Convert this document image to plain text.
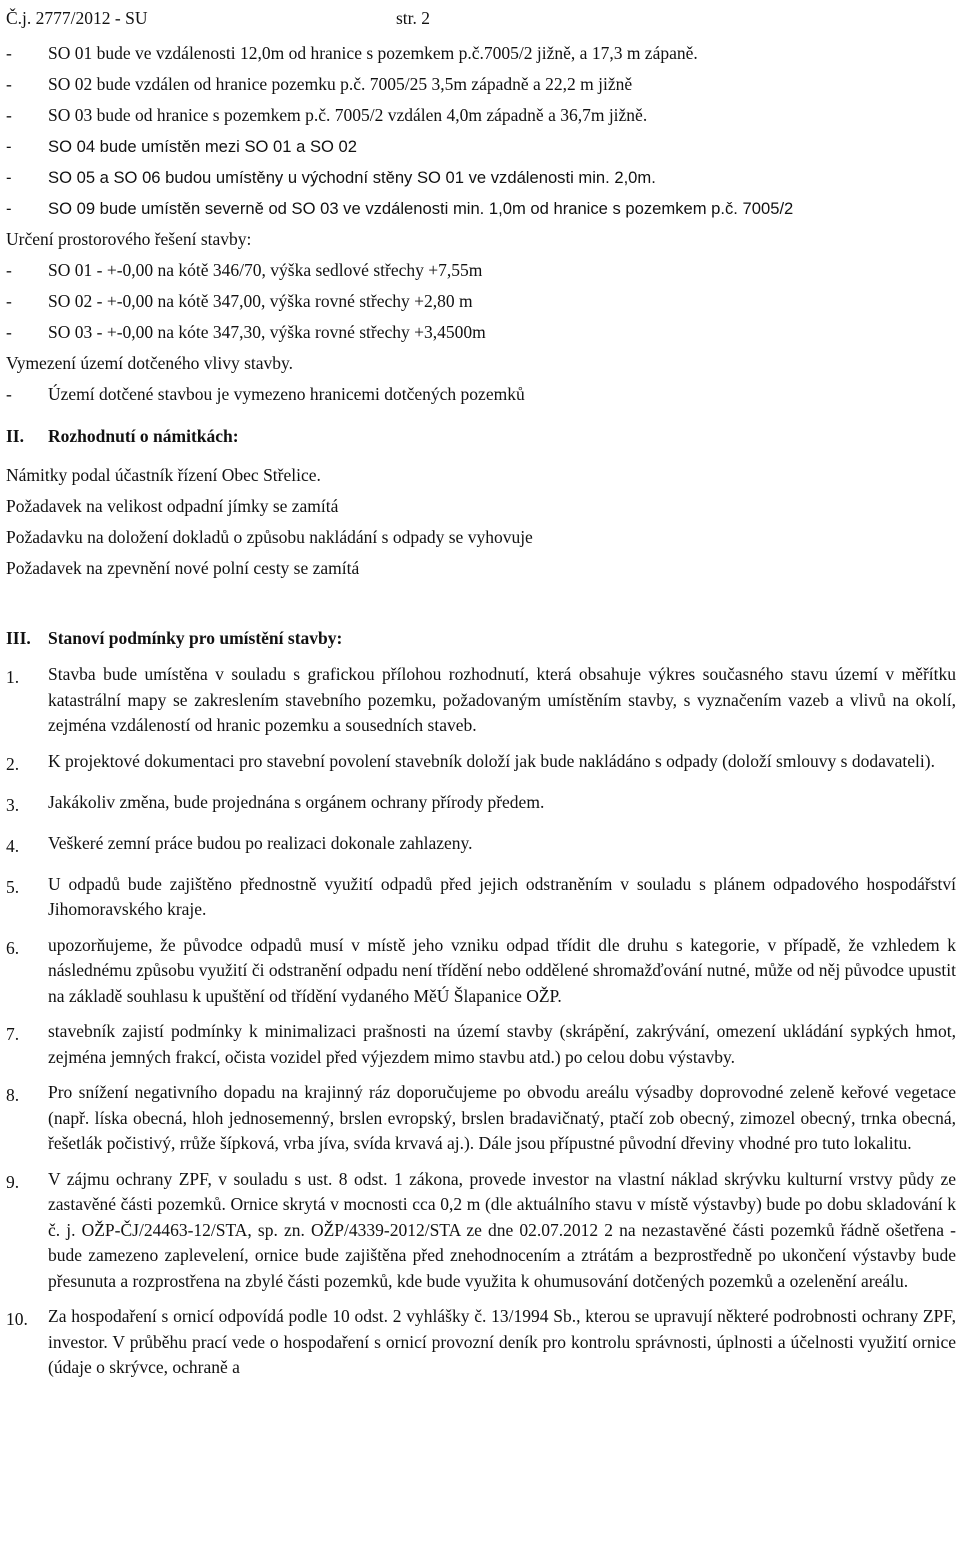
Č.j. 2777/2012 - SU	str. 2
-	SO 01 bude ve vzdálenosti 12,0m od hranice s pozemkem p.č.7005/2 jižně, a 17,3 m zápaně.
-	SO 02 bude vzdálen od hranice pozemku p.č. 7005/25 3,5m západně a 22,2 m jižně
-	SO 03 bude od hranice s pozemkem p.č. 7005/2 vzdálen 4,0m západně a 36,7m jižně.
-	SO 04 bude umístěn mezi SO 01 a SO 02
-	SO 05 a SO 06 budou umístěny u východní stěny SO 01 ve vzdálenosti min. 2,0m.
-	SO 09 bude umístěn severně od SO 03 ve vzdálenosti min. 1,0m od hranice s pozemkem p.č. 7005/2
Určení prostorového řešení stavby:
-	SO 01 - +-0,00 na kótě 346/70, výška sedlové střechy +7,55m
-	SO 02 - +-0,00 na kótě 347,00, výška rovné střechy +2,80 m
-	SO 03 - +-0,00 na kóte 347,30, výška rovné střechy +3,4500m
Vymezení území dotčeného vlivy stavby.
-	Území dotčené stavbou je vymezeno hranicemi dotčených pozemků
II.	Rozhodnutí o námitkách:
Námitky podal účastník řízení Obec Střelice.
Požadavek na velikost odpadní jímky se zamítá
Požadavku na doložení dokladů o způsobu nakládání s odpady se vyhovuje
Požadavek na zpevnění nové polní cesty se zamítá
III. Stanoví podmínky pro umístění stavby:
1.	Stavba bude umístěna v souladu s grafickou přílohou rozhodnutí, která obsahuje výkres současného stavu území v měřítku katastrální mapy se zakreslením stavebního pozemku, požadovaným umístěním stavby, s vyznačením vazeb a vlivů na okolí, zejména vzdáleností od hranic pozemku a sousedních staveb.
2.	K projektové dokumentaci pro stavební povolení stavebník doloží jak bude nakládáno s odpady (doloží smlouvy s dodavateli).
3.	Jakákoliv změna, bude projednána s orgánem ochrany přírody předem.
4.	Veškeré zemní práce budou po realizaci dokonale zahlazeny.
5.	U odpadů bude zajištěno přednostně využití odpadů před jejich odstraněním v souladu s plánem odpadového hospodářství Jihomoravského kraje.
6.	upozorňujeme, že původce odpadů musí v místě jeho vzniku odpad třídit dle druhu s kategorie, v případě, že vzhledem k následnému způsobu využití či odstranění odpadu není třídění nebo oddělené shromažďování nutné, může od něj původce upustit na základě souhlasu k upuštění od třídění vydaného MěÚ Šlapanice OŽP.
7.	stavebník zajistí podmínky k minimalizaci prašnosti na území stavby (skrápění, zakrývání, omezení ukládání sypkých hmot, zejména jemných frakcí, očista vozidel před výjezdem mimo stavbu atd.) po celou dobu výstavby.
8.	Pro snížení negativního dopadu na krajinný ráz doporučujeme po obvodu areálu výsadby doprovodné zeleně keřové vegetace (např. líska obecná, hloh jednosemenný, brslen evropský, brslen bradavičnatý, ptačí zob obecný, zimozel obecný, trnka obecná, řešetlák počistivý, rrůže šípková, vrba jíva, svída krvavá aj.). Dále jsou přípustné původní dřeviny vhodné pro tuto lokalitu.
9.	V zájmu ochrany ZPF, v souladu s ust. 8 odst. 1 zákona, provede investor na vlastní náklad skrývku kulturní vrstvy půdy ze zastavěné části pozemků. Ornice skrytá v mocnosti cca 0,2 m (dle aktuálního stavu v místě výstavby) bude po dobu skladování k č. j. OŽP-ČJ/24463-12/STA, sp. zn. OŽP/4339-2012/STA ze dne 02.07.2012 2 na nezastavěné části pozemků řádně ošetřena - bude zamezeno zaplevelení, ornice bude zajištěna před znehodnocením a ztrátám a bezprostředně po ukončení výstavby bude přesunuta a rozprostřena na zbylé části pozemků, kde bude využita k ohumusování dotčených pozemků a ozelenění areálu.
10.	Za hospodaření s ornicí odpovídá podle 10 odst. 2 vyhlášky č. 13/1994 Sb., kterou se upravují některé podrobnosti ochrany ZPF, investor. V průběhu prací vede o hospodaření s ornicí provozní deník pro kontrolu správnosti, úplnosti a účelnosti využití ornice (údaje o skrývce, ochraně a
